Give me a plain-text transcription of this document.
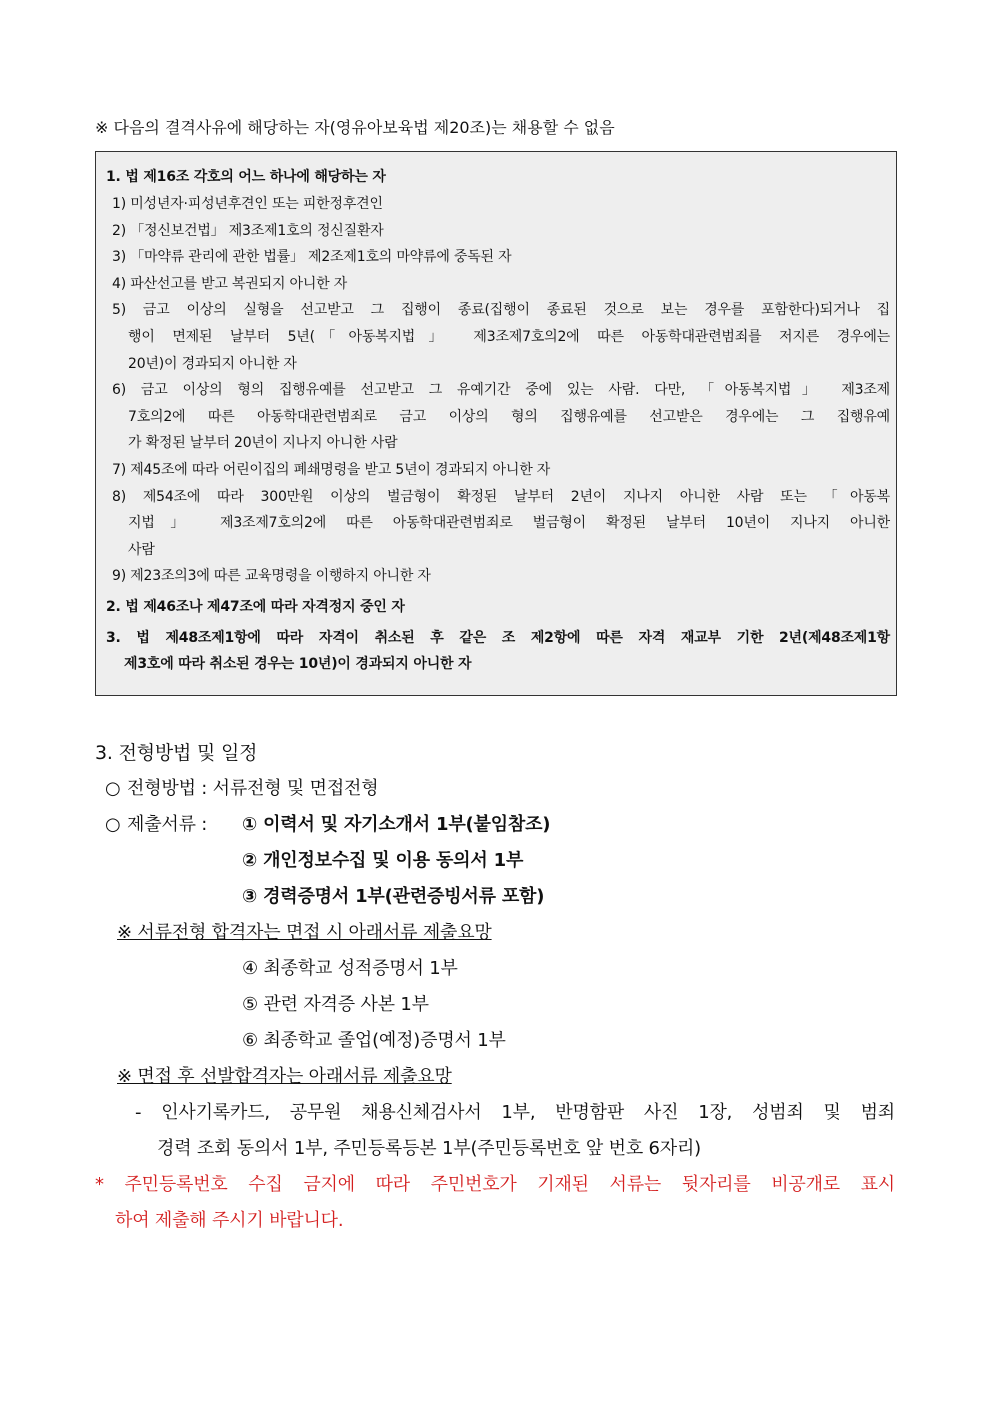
※ 다음의 결격사유에 해당하는 자(영유아보육법 제20조)는 채용할 수 없음
1. 법 제16조 각호의 어느 하나에 해당하는 자
1) 미성년자·피성년후견인 또는 피한정후견인
2) 「정신보건법」 제3조제1호의 정신질환자
3) 「마약류 관리에 관한 법률」 제2조제1호의 마약류에 중독된 자
4) 파산선고를 받고 복권되지 아니한 자
5) 금고 이상의 실형을 선고받고 그 집행이 종료(집행이 종료된 것으로 보는 경우를 포함한다)되거나 집
행이 면제된 날부터 5년(「아동복지법」 제3조제7호의2에 따른 아동학대관련범죄를 저지른 경우에는
20년)이 경과되지 아니한 자
6) 금고 이상의 형의 집행유예를 선고받고 그 유예기간 중에 있는 사람. 다만, 「아동복지법」 제3조제
7호의2에 따른 아동학대관련범죄로 금고 이상의 형의 집행유예를 선고받은 경우에는 그 집행유예
가 확정된 날부터 20년이 지나지 아니한 사람
7) 제45조에 따라 어린이집의 폐쇄명령을 받고 5년이 경과되지 아니한 자
8) 제54조에 따라 300만원 이상의 벌금형이 확정된 날부터 2년이 지나지 아니한 사람 또는 「아동복
지법」 제3조제7호의2에 따른 아동학대관련범죄로 벌금형이 확정된 날부터 10년이 지나지 아니한
사람
9) 제23조의3에 따른 교육명령을 이행하지 아니한 자
2. 법 제46조나 제47조에 따라 자격정지 중인 자
3. 법 제48조제1항에 따라 자격이 취소된 후 같은 조 제2항에 따른 자격 재교부 기한 2년(제48조제1항
제3호에 따라 취소된 경우는 10년)이 경과되지 아니한 자
3. 전형방법 및 일정
○ 전형방법 : 서류전형 및 면접전형
○ 제출서류 : ① 이력서 및 자기소개서 1부(붙임참조)
② 개인정보수집 및 이용 동의서 1부
③ 경력증명서 1부(관련증빙서류 포함)
※ 서류전형 합격자는 면접 시 아래서류 제출요망
④ 최종학교 성적증명서 1부
⑤ 관련 자격증 사본 1부
⑥ 최종학교 졸업(예정)증명서 1부
※ 면접 후 선발합격자는 아래서류 제출요망
- 인사기록카드, 공무원 채용신체검사서 1부, 반명함판 사진 1장, 성범죄 및 범죄
경력 조회 동의서 1부, 주민등록등본 1부(주민등록번호 앞 번호 6자리)
* 주민등록번호 수집 금지에 따라 주민번호가 기재된 서류는 뒷자리를 비공개로 표시
하여 제출해 주시기 바랍니다.
